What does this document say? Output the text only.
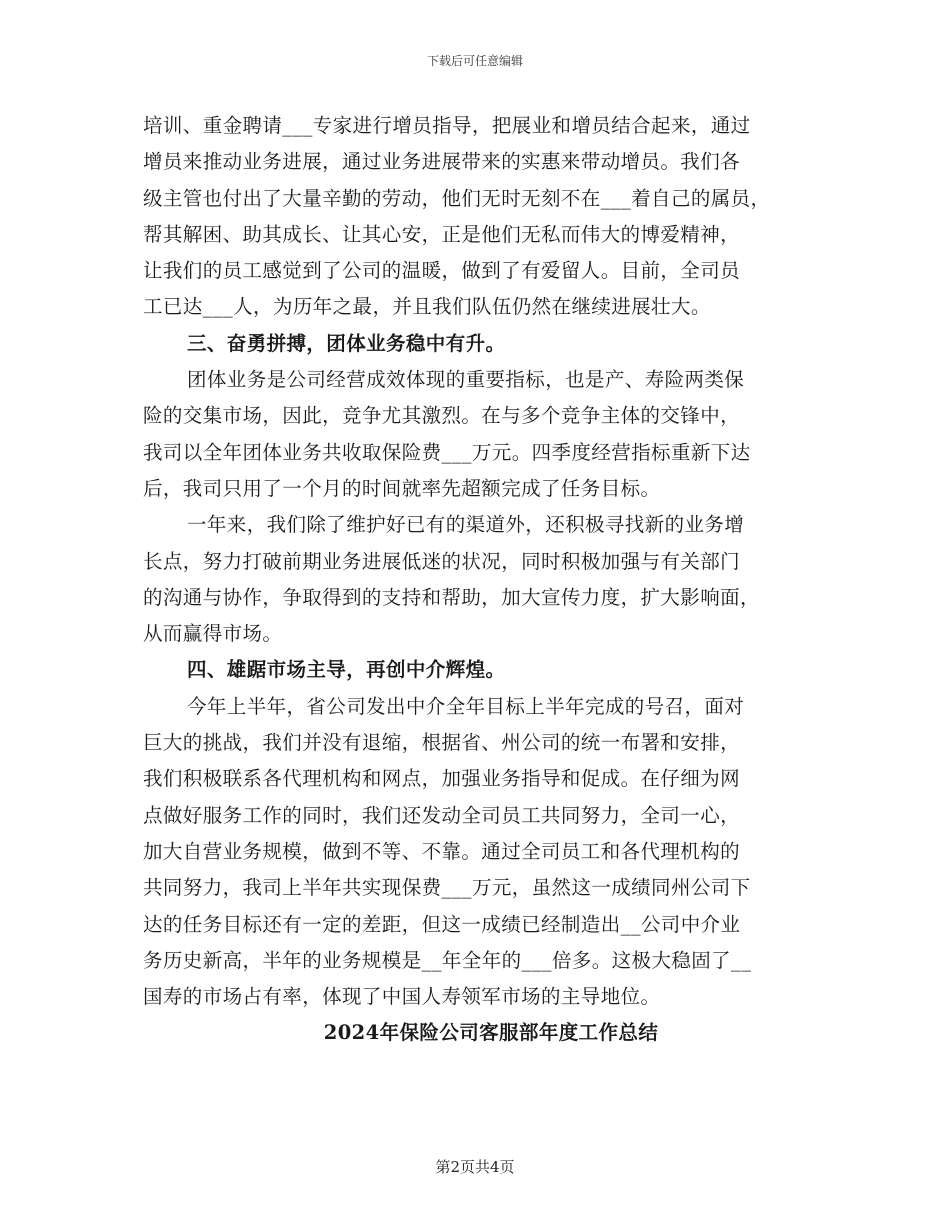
下载后可任意编辑
培训、重金聘请___专家进行增员指导，把展业和增员结合起来，通过
增员来推动业务进展，通过业务进展带来的实惠来带动增员。我们各
级主管也付出了大量辛勤的劳动，他们无时无刻不在___着自己的属员，
帮其解困、助其成长、让其心安，正是他们无私而伟大的博爱精神，
让我们的员工感觉到了公司的温暖，做到了有爱留人。目前，全司员
工已达___人，为历年之最，并且我们队伍仍然在继续进展壮大。
三、奋勇拼搏，团体业务稳中有升。
团体业务是公司经营成效体现的重要指标，也是产、寿险两类保
险的交集市场，因此，竞争尤其激烈。在与多个竞争主体的交锋中，
我司以全年团体业务共收取保险费___万元。四季度经营指标重新下达
后，我司只用了一个月的时间就率先超额完成了任务目标。
一年来，我们除了维护好已有的渠道外，还积极寻找新的业务增
长点，努力打破前期业务进展低迷的状况，同时积极加强与有关部门
的沟通与协作，争取得到的支持和帮助，加大宣传力度，扩大影响面，
从而赢得市场。
四、雄踞市场主导，再创中介辉煌。
今年上半年，省公司发出中介全年目标上半年完成的号召，面对
巨大的挑战，我们并没有退缩，根据省、州公司的统一布署和安排，
我们积极联系各代理机构和网点，加强业务指导和促成。在仔细为网
点做好服务工作的同时，我们还发动全司员工共同努力，全司一心，
加大自营业务规模，做到不等、不靠。通过全司员工和各代理机构的
共同努力，我司上半年共实现保费___万元，虽然这一成绩同州公司下
达的任务目标还有一定的差距，但这一成绩已经制造出__公司中介业
务历史新高，半年的业务规模是__年全年的___倍多。这极大稳固了__
国寿的市场占有率，体现了中国人寿领军市场的主导地位。
2024年保险公司客服部年度工作总结
第2页共4页
